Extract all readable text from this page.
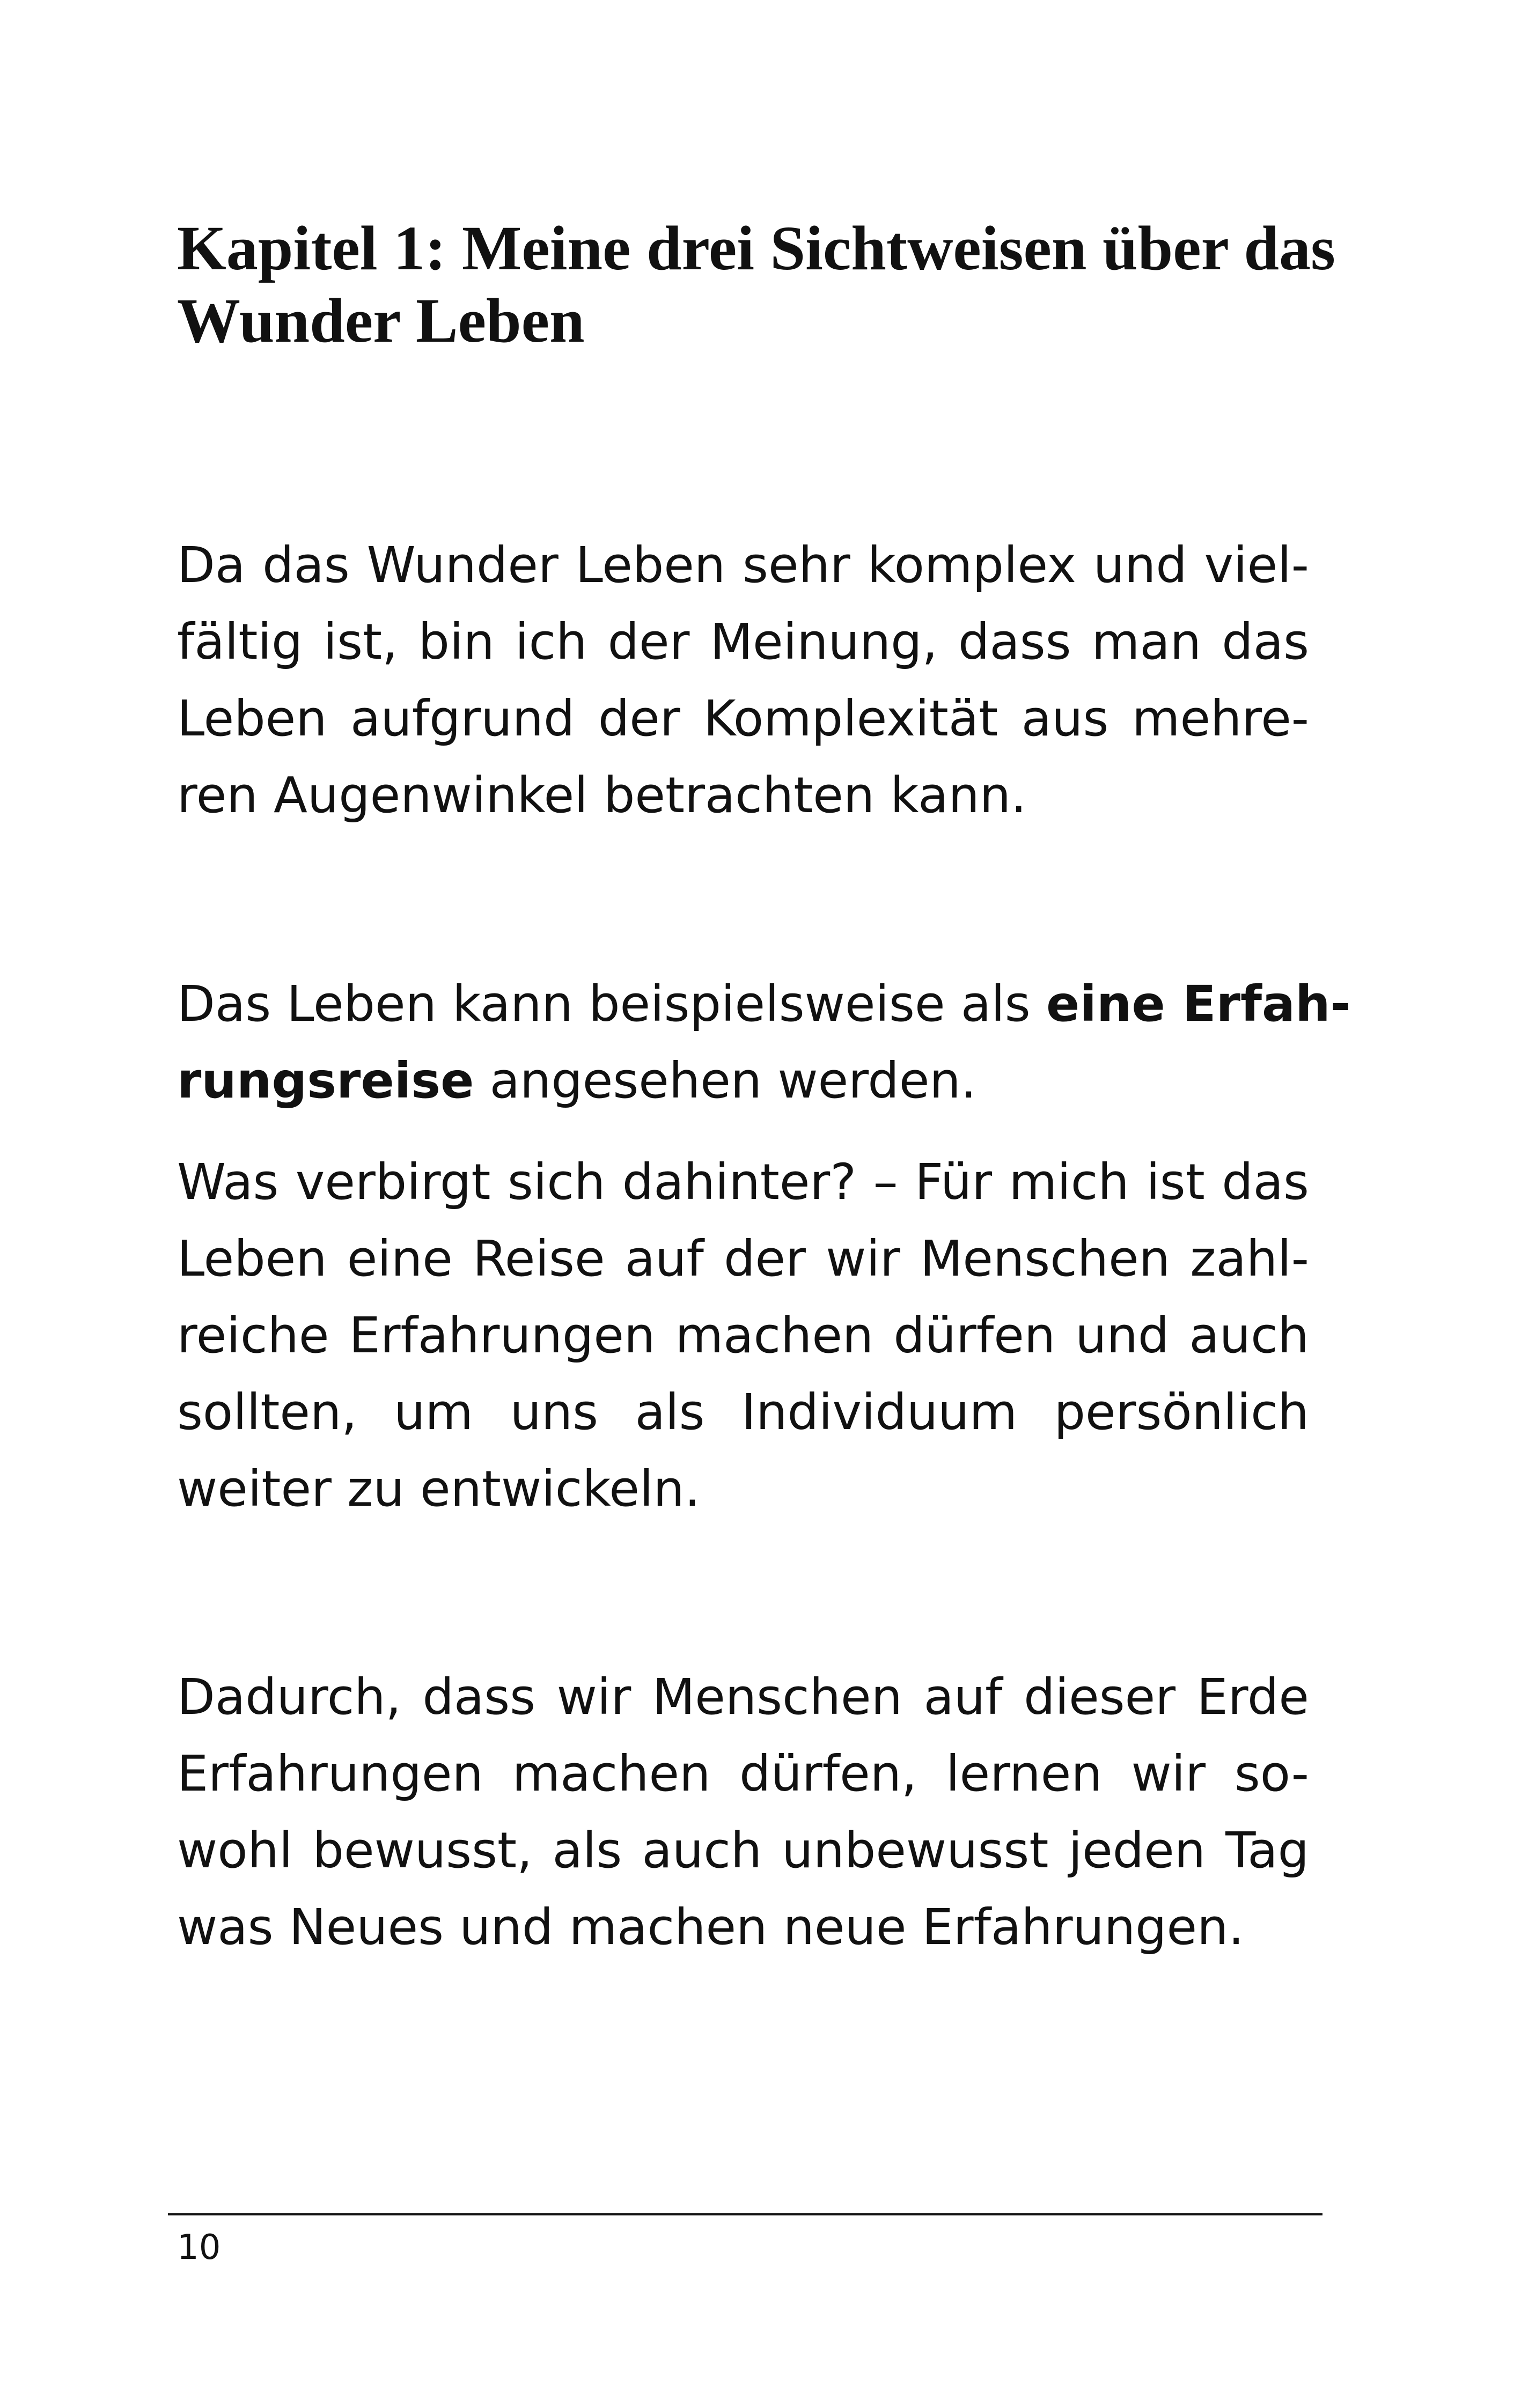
Kapitel 1: Meine drei Sichtweisen über das
Wunder Leben

Da das Wunder Leben sehr komplex und viel-
fältig ist, bin ich der Meinung, dass man das
Leben aufgrund der Komplexität aus mehre-
ren Augenwinkel betrachten kann.

Das Leben kann beispielsweise als eine Erfah-
rungsreise angesehen werden.

Was verbirgt sich dahinter? – Für mich ist das
Leben eine Reise auf der wir Menschen zahl-
reiche Erfahrungen machen dürfen und auch
sollten, um uns als Individuum persönlich
weiter zu entwickeln.

Dadurch, dass wir Menschen auf dieser Erde
Erfahrungen machen dürfen, lernen wir so-
wohl bewusst, als auch unbewusst jeden Tag
was Neues und machen neue Erfahrungen.

10
